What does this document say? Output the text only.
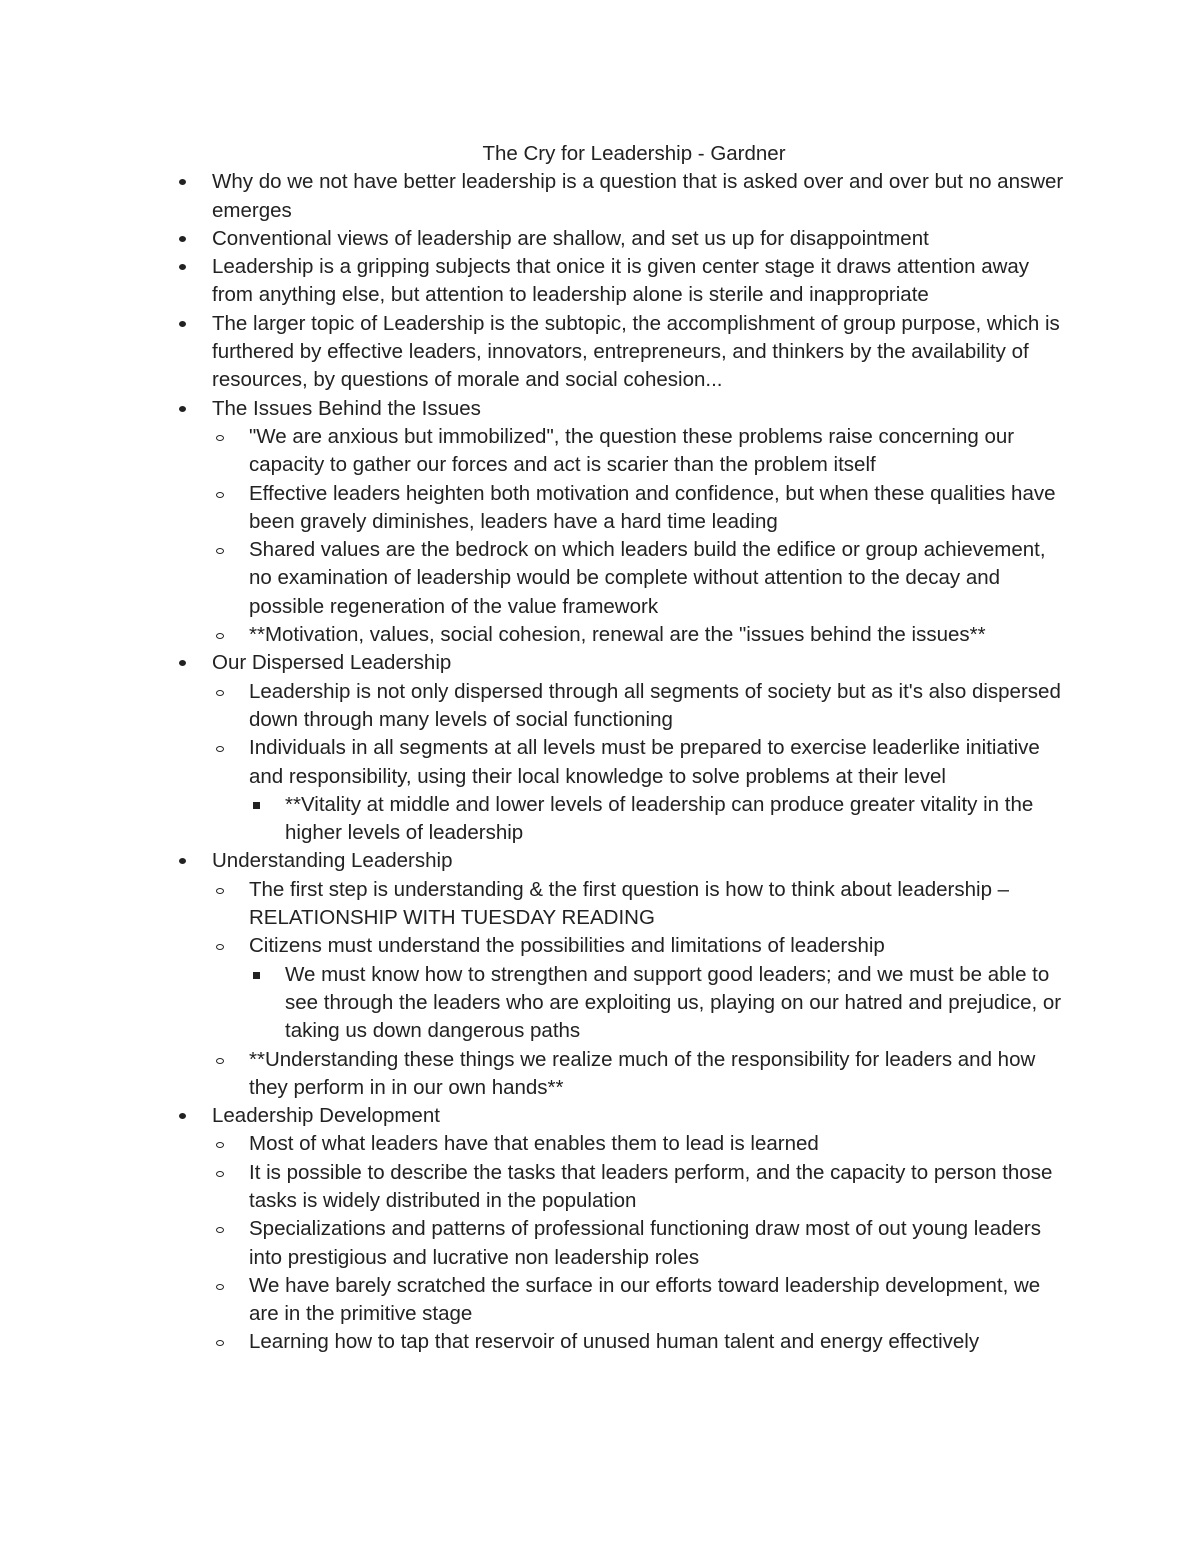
The Cry for Leadership - Gardner
Why do we not have better leadership is a question that is asked over and over but no answer emerges
Conventional views of leadership are shallow, and set us up for disappointment
Leadership is a gripping subjects that onice it is given center stage it draws attention away from anything else, but attention to leadership alone is sterile and inappropriate
The larger topic of Leadership is the subtopic, the accomplishment of group purpose, which is furthered by effective leaders, innovators, entrepreneurs, and thinkers by the availability of resources, by questions of morale and social cohesion...
The Issues Behind the Issues
"We are anxious but immobilized", the question these problems raise concerning our capacity to gather our forces and act is scarier than the problem itself
Effective leaders heighten both motivation and confidence, but when these qualities have been gravely diminishes, leaders have a hard time leading
Shared values are the bedrock on which leaders build the edifice or group achievement, no examination of leadership would be complete without attention to the decay and possible regeneration of the value framework
**Motivation, values, social cohesion, renewal are the "issues behind the issues**
Our Dispersed Leadership
Leadership is not only dispersed through all segments of society but as it's also dispersed down through many levels of social functioning
Individuals in all segments at all levels must be prepared to exercise leaderlike initiative and responsibility, using their local knowledge to solve problems at their level
**Vitality at middle and lower levels of leadership can produce greater vitality in the higher levels of leadership
Understanding Leadership
The first step is understanding & the first question is how to think about leadership – RELATIONSHIP WITH TUESDAY READING
Citizens must understand the possibilities and limitations of leadership
We must know how to strengthen and support good leaders; and we must be able to see through the leaders who are exploiting us, playing on our hatred and prejudice, or taking us down dangerous paths
**Understanding these things we realize much of the responsibility for leaders and how they perform in in our own hands**
Leadership Development
Most of what leaders have that enables them to lead is learned
It is possible to describe the tasks that leaders perform, and the capacity to person those tasks is widely distributed in the population
Specializations and patterns of professional functioning draw most of out young leaders into prestigious and lucrative non leadership roles
We have barely scratched the surface in our efforts toward leadership development, we are in the primitive stage
Learning how to tap that reservoir of unused human talent and energy effectively
